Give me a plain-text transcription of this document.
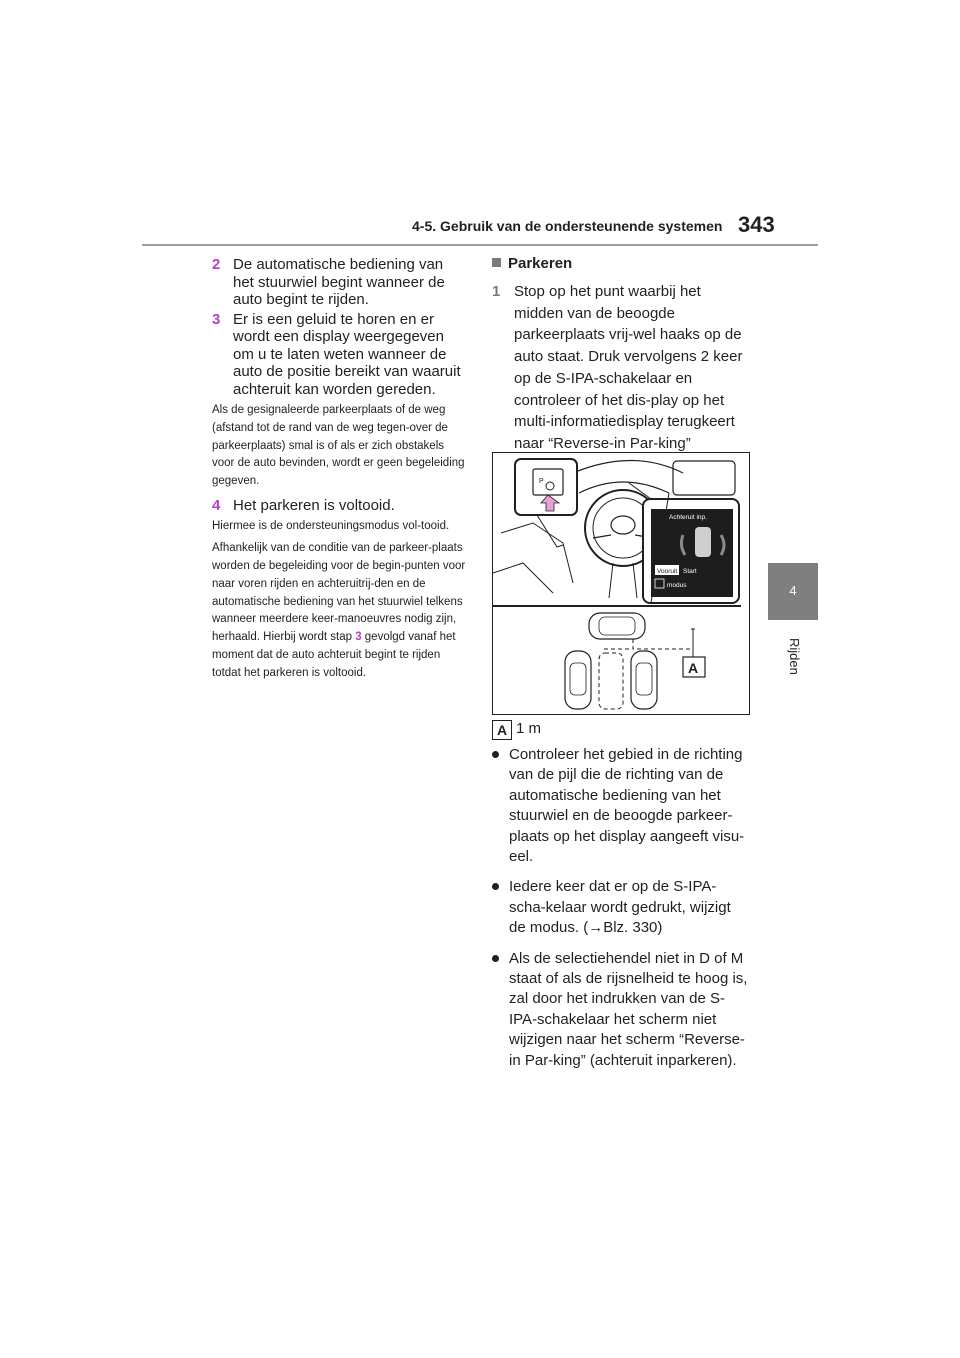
4-5. Gebruik van de ondersteunende systemen 343
4
Rijden
2 De automatische bediening van het stuurwiel begint wanneer de auto begint te rijden.
3 Er is een geluid te horen en er wordt een display weergegeven om u te laten weten wanneer de auto de positie bereikt van waaruit achteruit kan worden gereden.
Als de gesignaleerde parkeerplaats of de weg (afstand tot de rand van de weg tegen-over de parkeerplaats) smal is of als er zich obstakels voor de auto bevinden, wordt er geen begeleiding gegeven.
4 Het parkeren is voltooid.
Hiermee is de ondersteuningsmodus vol-tooid.
Afhankelijk van de conditie van de parkeer-plaats worden de begeleiding voor de begin-punten voor naar voren rijden en achteruitrij-den en de automatische bediening van het stuurwiel telkens wanneer meerdere keer-manoeuvres nodig zijn, herhaald. Hierbij wordt stap 3 gevolgd vanaf het moment dat de auto achteruit begint te rijden totdat het parkeren is voltooid.
Parkeren
1 Stop op het punt waarbij het midden van de beoogde parkeerplaats vrij-wel haaks op de auto staat. Druk vervolgens 2 keer op de S-IPA-schakelaar en controleer of het dis-play op het multi-informatiedisplay terugkeert naar “Reverse-in Par-king”
P
Achteruit inp.
Vooruit Start
modus
A
A 1 m
Controleer het gebied in de richting van de pijl die de richting van de automatische bediening van het stuurwiel en de beoogde parkeer-plaats op het display aangeeft visu-eel.
Iedere keer dat er op de S-IPA-scha-kelaar wordt gedrukt, wijzigt de modus. (→Blz. 330)
Als de selectiehendel niet in D of M staat of als de rijsnelheid te hoog is, zal door het indrukken van de S-IPA-schakelaar het scherm niet wijzigen naar het scherm “Reverse-in Par-king” (achteruit inparkeren).
